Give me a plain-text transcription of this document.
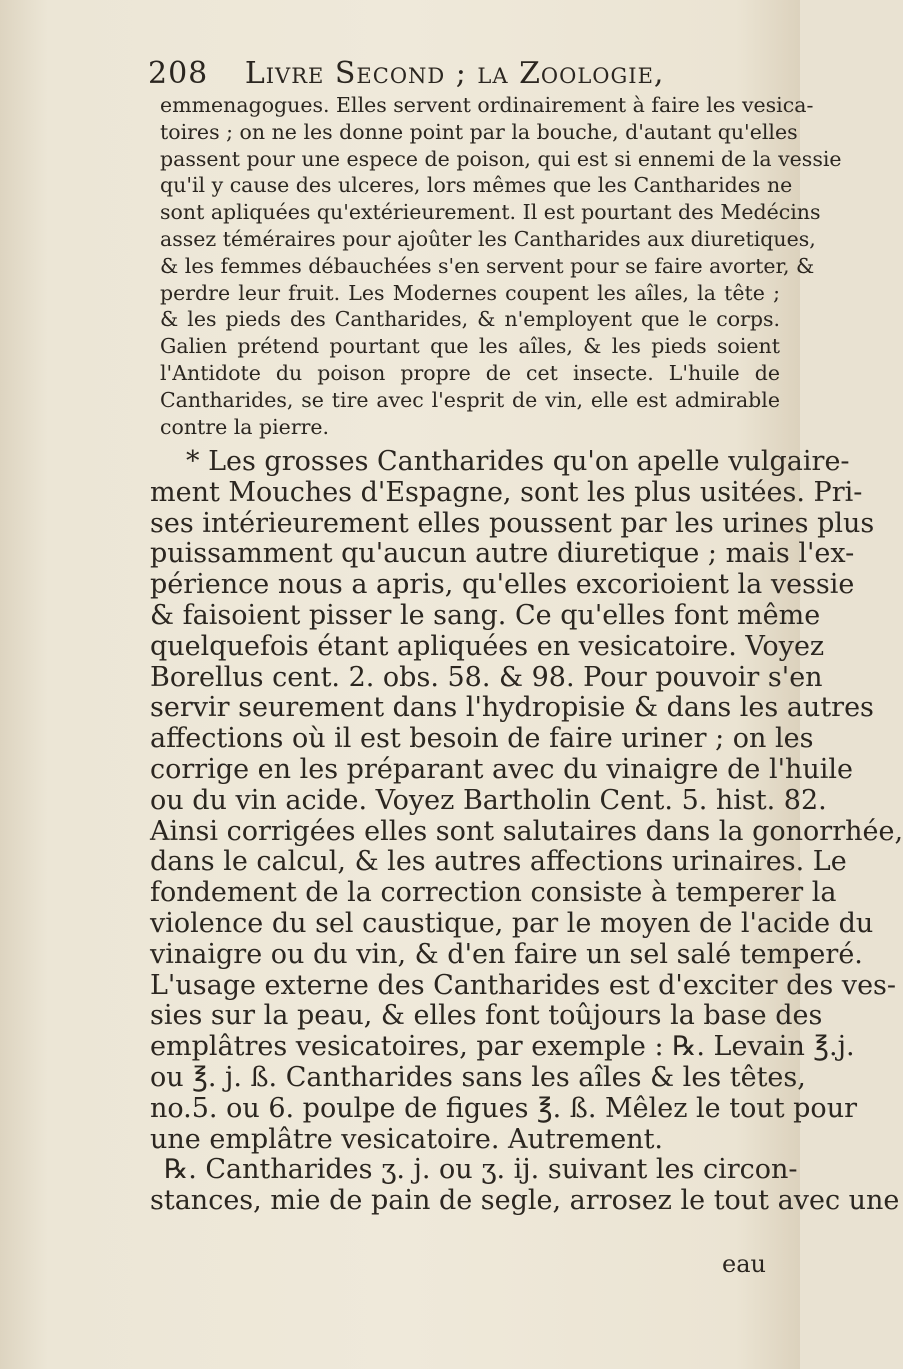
208 Livre Second ; la Zoologie,
emmenagogues. Elles servent ordinairement à faire les vesica-
toires ; on ne les donne point par la bouche, d'autant qu'elles
passent pour une espece de poison, qui est si ennemi de la vessie
qu'il y cause des ulceres, lors mêmes que les Cantharides ne
sont apliquées qu'extérieurement. Il est pourtant des Medécins
assez téméraires pour ajoûter les Cantharides aux diuretiques,
& les femmes débauchées s'en servent pour se faire avorter, &
perdre leur fruit. Les Modernes coupent les aîles, la tête ;
& les pieds des Cantharides, & n'employent que le corps.
Galien prétend pourtant que les aîles, & les pieds soient
l'Antidote du poison propre de cet insecte. L'huile de
Cantharides, se tire avec l'esprit de vin, elle est admirable
contre la pierre.
* Les grosses Cantharides qu'on apelle vulgaire-
ment Mouches d'Espagne, sont les plus usitées. Pri-
ses intérieurement elles poussent par les urines plus
puissamment qu'aucun autre diuretique ; mais l'ex-
périence nous a apris, qu'elles excorioient la vessie
& faisoient pisser le sang. Ce qu'elles font même
quelquefois étant apliquées en vesicatoire. Voyez
Borellus cent. 2. obs. 58. & 98. Pour pouvoir s'en
servir seurement dans l'hydropisie & dans les autres
affections où il est besoin de faire uriner ; on les
corrige en les préparant avec du vinaigre de l'huile
ou du vin acide. Voyez Bartholin Cent. 5. hist. 82.
Ainsi corrigées elles sont salutaires dans la gonorrhée,
dans le calcul, & les autres affections urinaires. Le
fondement de la correction consiste à temperer la
violence du sel caustique, par le moyen de l'acide du
vinaigre ou du vin, & d'en faire un sel salé temperé.
L'usage externe des Cantharides est d'exciter des ves-
sies sur la peau, & elles font toûjours la base des
emplâtres vesicatoires, par exemple : ℞. Levain ℥.j.
ou ℥. j. ß. Cantharides sans les aîles & les têtes,
no.5. ou 6. poulpe de figues ℥. ß. Mêlez le tout pour
une emplâtre vesicatoire. Autrement.
℞. Cantharides ʒ. j. ou ʒ. ij. suivant les circon-
stances, mie de pain de segle, arrosez le tout avec une
eau
